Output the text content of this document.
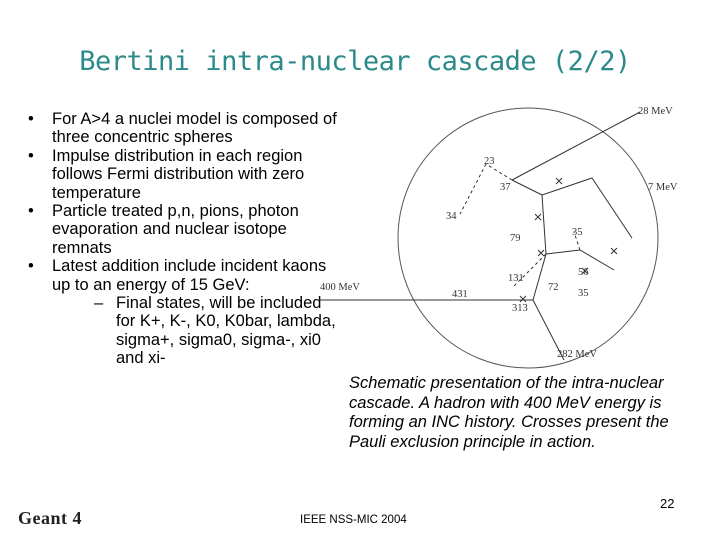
Bertini intra-nuclear cascade (2/2)
• For A>4 a nuclei model is composed of three concentric spheres
• Impulse distribution in each region follows Fermi distribution with zero temperature
• Particle treated p,n, pions, photon evaporation and nuclear isotope remnats
• Latest addition include incident kaons up to an energy of 15 GeV:
– Final states, will be included for K+, K-, K0, K0bar, lambda, sigma+, sigma0, sigma-, xi0 and xi-
28 MeV
23
37	7 MeV
34
35
79
131
56
400 MeV
431
72
35
313
282 MeV
Schematic presentation of the intra-nuclear cascade. A hadron with 400 MeV energy is forming an INC history. Crosses present the Pauli exclusion principle in action.
22
IEEE NSS-MIC 2004
Geant 4
